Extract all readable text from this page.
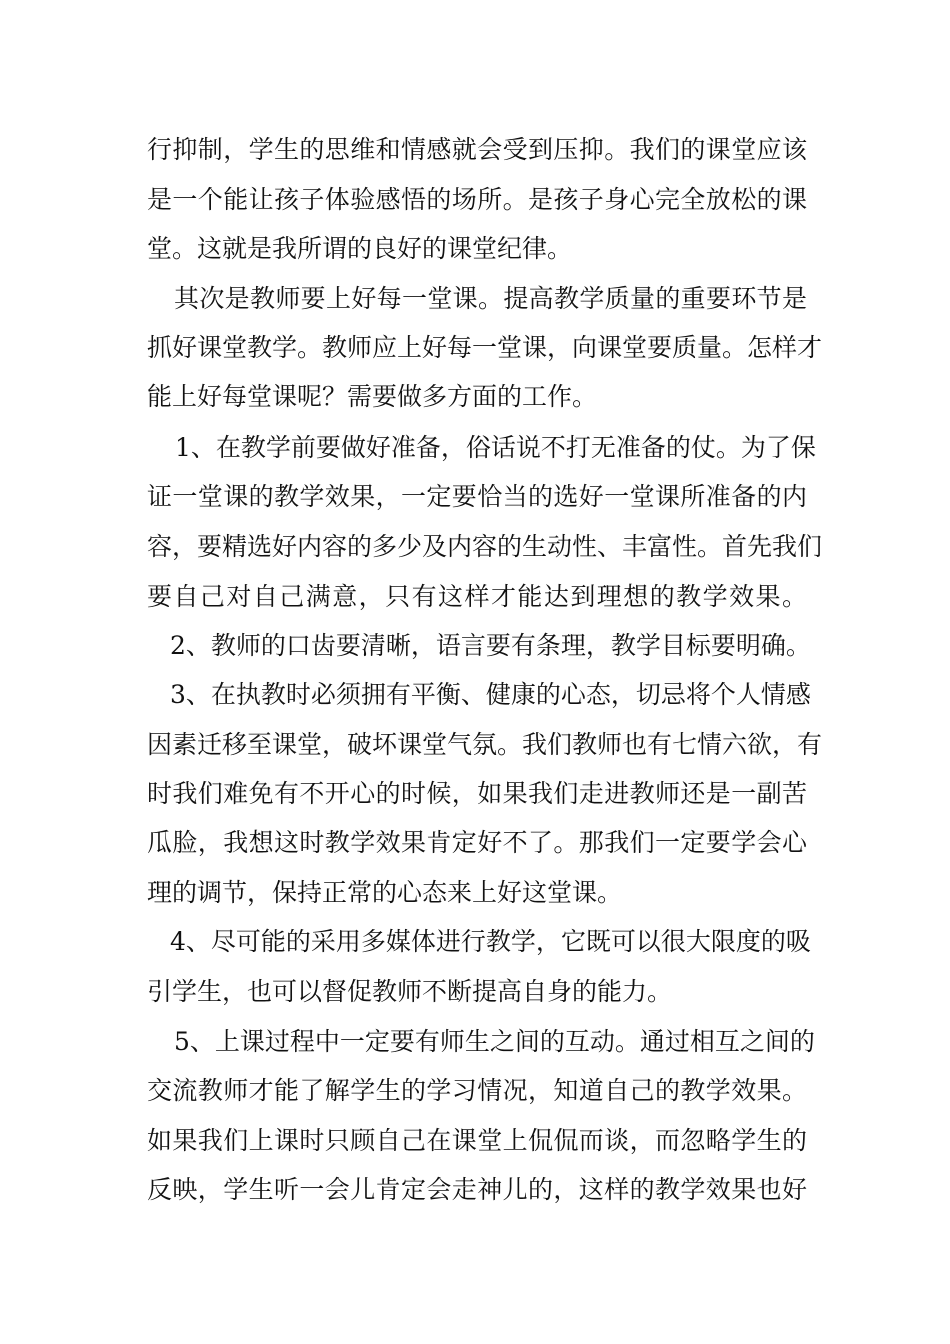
行抑制，学生的思维和情感就会受到压抑。我们的课堂应该
是一个能让孩子体验感悟的场所。是孩子身心完全放松的课
堂。这就是我所谓的良好的课堂纪律。
其次是教师要上好每一堂课。提高教学质量的重要环节是
抓好课堂教学。教师应上好每一堂课，向课堂要质量。怎样才
能上好每堂课呢？需要做多方面的工作。
1、在教学前要做好准备，俗话说不打无准备的仗。为了保
证一堂课的教学效果，一定要恰当的选好一堂课所准备的内
容，要精选好内容的多少及内容的生动性、丰富性。首先我们
要自己对自己满意，只有这样才能达到理想的教学效果。
2、教师的口齿要清晰，语言要有条理，教学目标要明确。
3、在执教时必须拥有平衡、健康的心态，切忌将个人情感
因素迁移至课堂，破坏课堂气氛。我们教师也有七情六欲，有
时我们难免有不开心的时候，如果我们走进教师还是一副苦
瓜脸，我想这时教学效果肯定好不了。那我们一定要学会心
理的调节，保持正常的心态来上好这堂课。
4、尽可能的采用多媒体进行教学，它既可以很大限度的吸
引学生，也可以督促教师不断提高自身的能力。
5、上课过程中一定要有师生之间的互动。通过相互之间的
交流教师才能了解学生的学习情况，知道自己的教学效果。
如果我们上课时只顾自己在课堂上侃侃而谈，而忽略学生的
反映，学生听一会儿肯定会走神儿的，这样的教学效果也好
